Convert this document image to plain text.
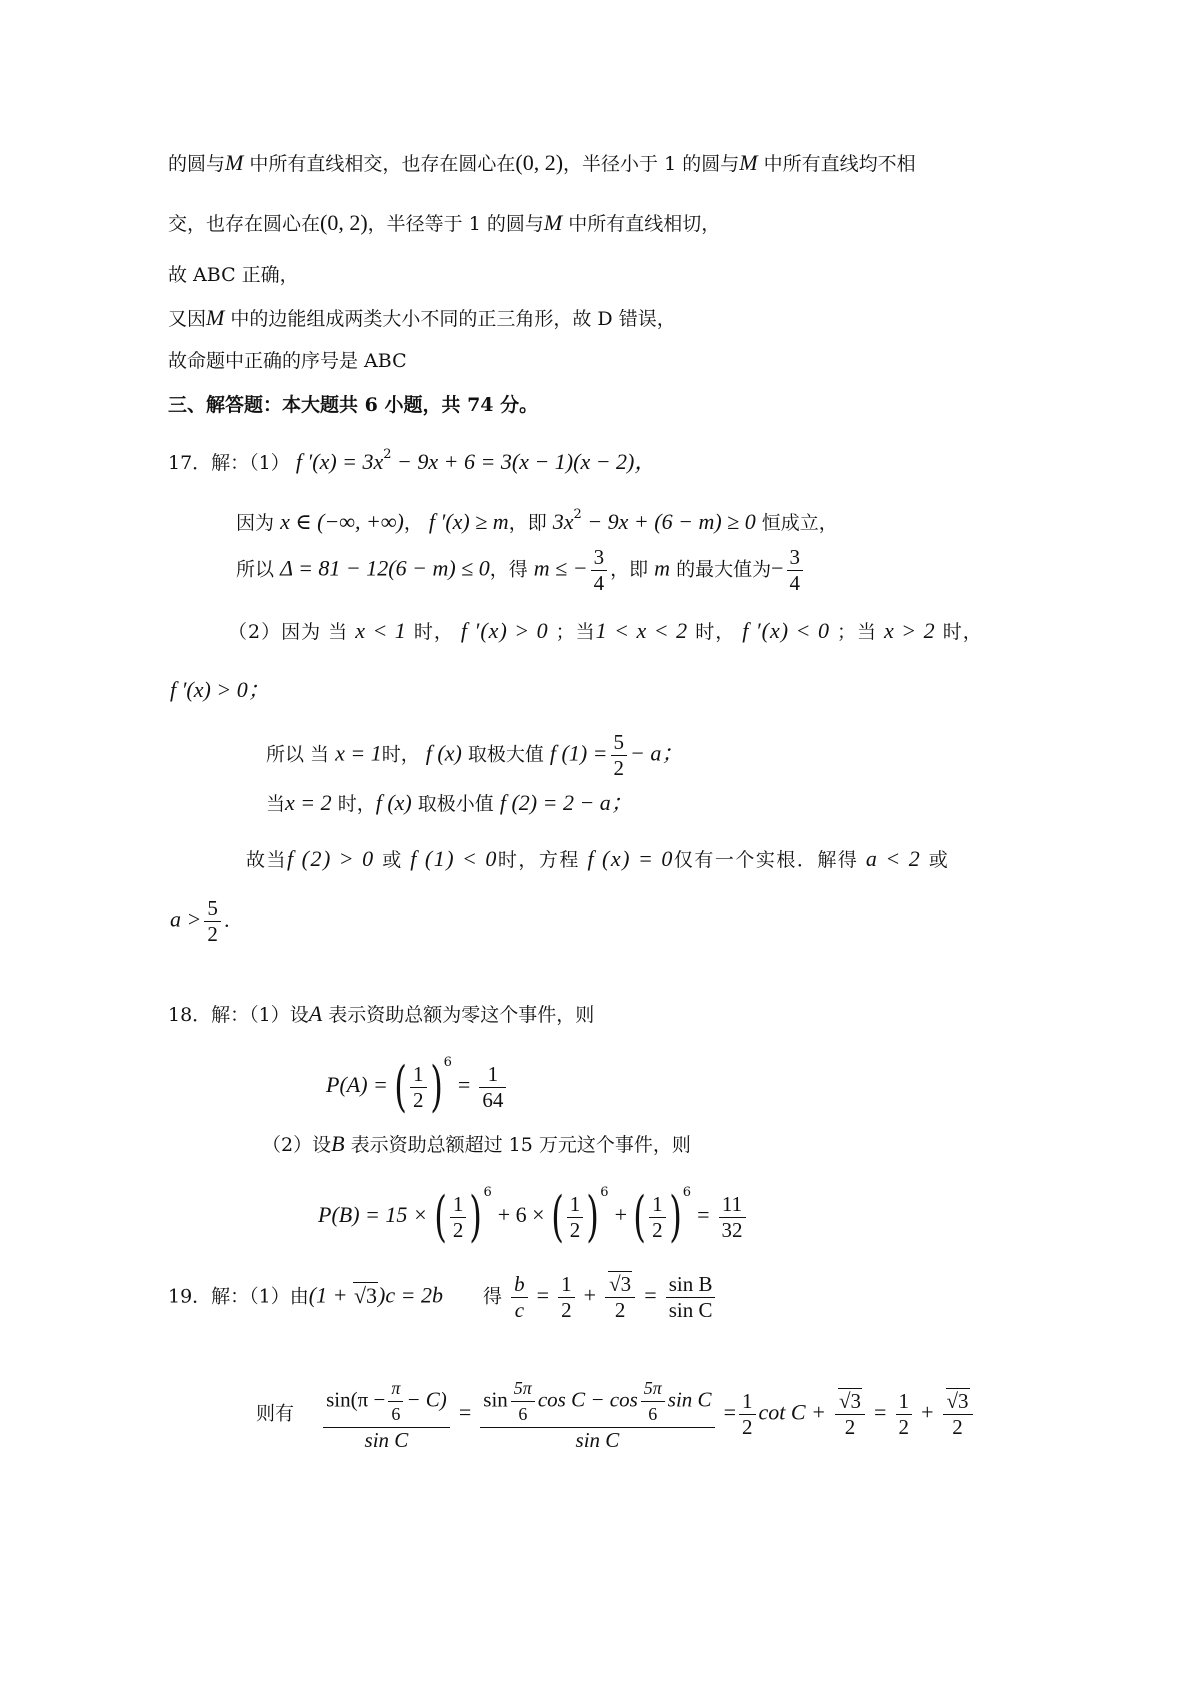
的圆与M 中所有直线相交，也存在圆心在(0, 2)，半径小于 1 的圆与M 中所有直线均不相
交，也存在圆心在(0, 2)，半径等于 1 的圆与M 中所有直线相切，
故 ABC 正确，
又因M 中的边能组成两类大小不同的正三角形，故 D 错误，
故命题中正确的序号是 ABC
三、解答题：本大题共 6 小题，共 74 分。
17．解：（1） f $'(x) = 3x^2 - 9x + 6 = 3(x - 1)(x - 2)$，
因为 x ∈ (−∞, +∞)， f ′(x) ≥ m，即 $3x^2 - 9x + (6 - m) \ge 0$ 恒成立，
所以 Δ = 81 − 12(6 − m) ≤ 0，得 m ≤ − $\frac{3}{4}$ ，即 m 的最大值为− $\frac{3}{4}$
（2）因为 当 x < 1 时， f ′(x) > 0 ；当1 < x < 2 时， f ′(x) < 0 ；当 x > 2 时，
f ′(x) > 0；
所以 当 x = 1时， f (x) 取极大值 f $(1) = \frac{5}{2} - a$；
当x = 2 时，f (x) 取极小值 f (2) = 2 − a；
故当f (2) > 0 或 f (1) < 0时，方程 f (x) = 0仅有一个实根．解得 a < 2 或
$a > \frac{5}{2}$ ．
18．解：（1）设A 表示资助总额为零这个事件，则
P(A) = ( $\frac{1}{2} )^6 = \frac{1}{64}$
（2）设B 表示资助总额超过 15 万元这个事件，则
P(B) = 15 × ( $\frac{1}{2} )^6 + 6$ × ( $\frac{1}{2} )^6$ + ( $\frac{1}{2} )^6 = \frac{11}{32}$
19．解：（1）由(1 + √3)c = 2b 得 $\frac{b}{c} = \frac{1}{2} + \frac{√3}{2} = \frac{\text{sin B}}{\text{sin C}}$
则有 $\frac{\sin(\pi - \frac{\pi}{6} - C)}{\text{sin C}} = \frac{\sin \frac{5\pi}{6} \cos C - \cos \frac{5\pi}{6} \sin C}{\text{sin C}} = \frac{1}{2}$ $\cot C + \frac{√3}{2} = \frac{1}{2} + \frac{√3}{2}$
